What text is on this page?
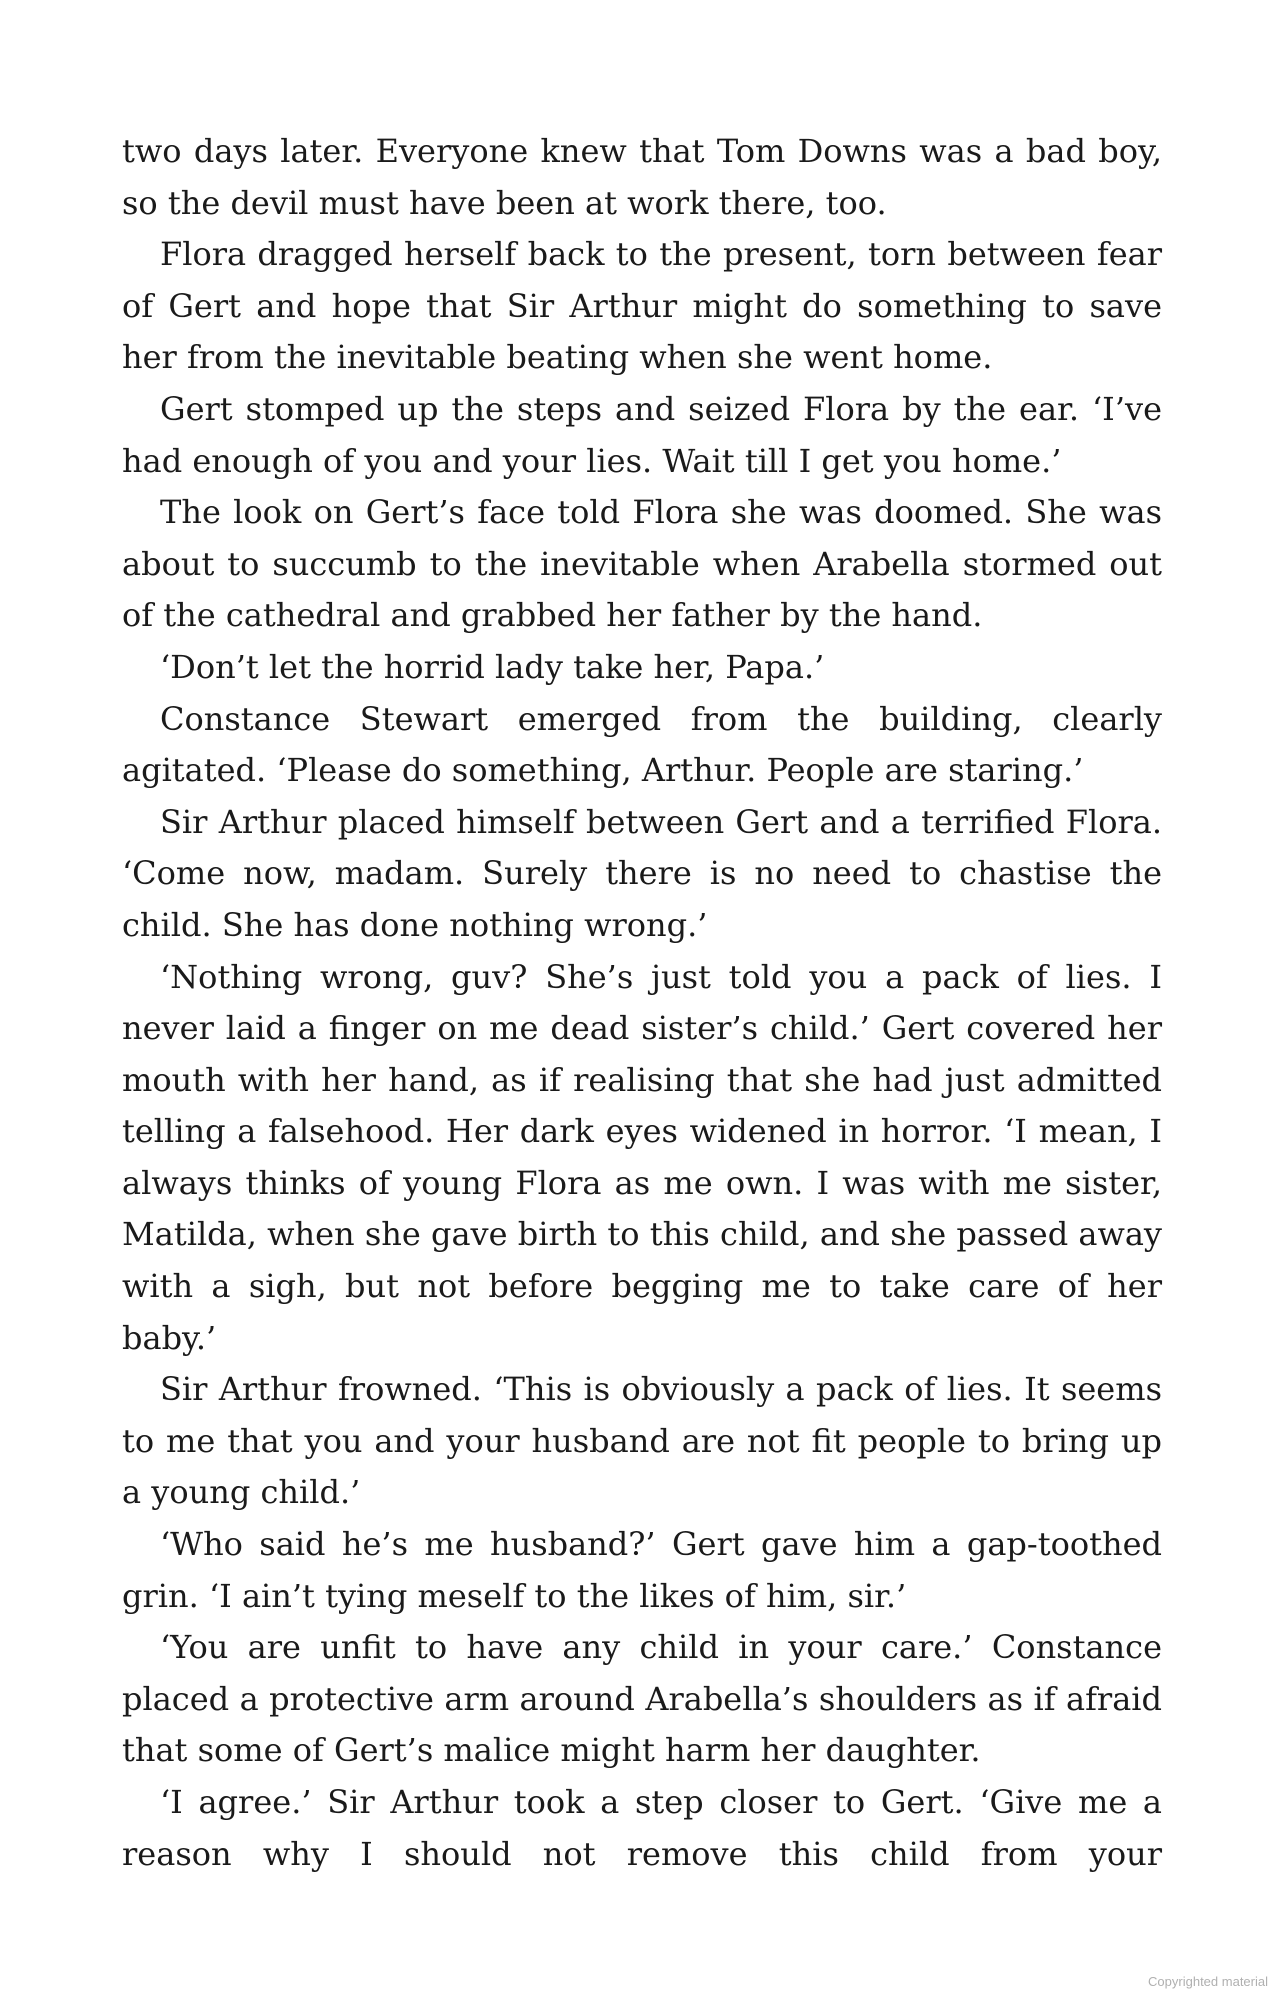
two days later. Everyone knew that Tom Downs was a bad boy, so the devil must have been at work there, too.

Flora dragged herself back to the present, torn between fear of Gert and hope that Sir Arthur might do something to save her from the inevitable beating when she went home.

Gert stomped up the steps and seized Flora by the ear. ‘I’ve had enough of you and your lies. Wait till I get you home.’

The look on Gert’s face told Flora she was doomed. She was about to succumb to the inevitable when Arabella stormed out of the cathedral and grabbed her father by the hand.

‘Don’t let the horrid lady take her, Papa.’

Constance Stewart emerged from the building, clearly agitated. ‘Please do something, Arthur. People are staring.’

Sir Arthur placed himself between Gert and a terrified Flora. ‘Come now, madam. Surely there is no need to chastise the child. She has done nothing wrong.’

‘Nothing wrong, guv? She’s just told you a pack of lies. I never laid a finger on me dead sister’s child.’ Gert covered her mouth with her hand, as if realising that she had just admitted telling a falsehood. Her dark eyes widened in horror. ‘I mean, I always thinks of young Flora as me own. I was with me sister, Matilda, when she gave birth to this child, and she passed away with a sigh, but not before begging me to take care of her baby.’

Sir Arthur frowned. ‘This is obviously a pack of lies. It seems to me that you and your husband are not fit people to bring up a young child.’

‘Who said he’s me husband?’ Gert gave him a gap-toothed grin. ‘I ain’t tying meself to the likes of him, sir.’

‘You are unfit to have any child in your care.’ Constance placed a protective arm around Arabella’s shoulders as if afraid that some of Gert’s malice might harm her daughter.

‘I agree.’ Sir Arthur took a step closer to Gert. ‘Give me a reason why I should not remove this child from your

Copyrighted material
